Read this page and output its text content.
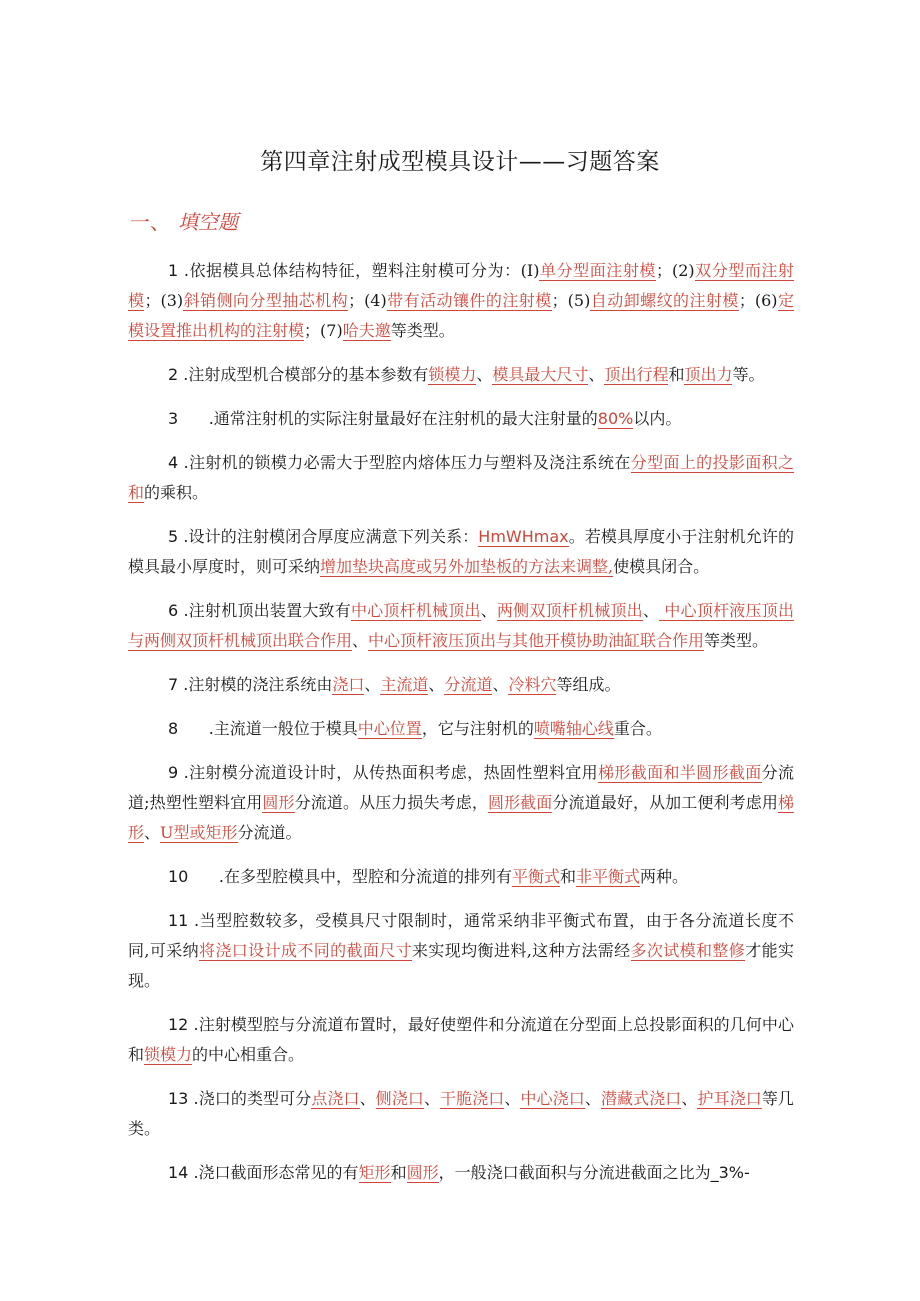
第四章注射成型模具设计——习题答案
一、 填空题

1 .依据模具总体结构特征，塑料注射模可分为：(I)单分型面注射模；(2)双分型而注射模；(3)斜销侧向分型抽芯机构；(4)带有活动镶件的注射模；(5)自动卸螺纹的注射模；(6)定模设置推出机构的注射模；(7)哈夫邀等类型。

2 .注射成型机合模部分的基本参数有锁模力、模具最大尺寸、顶出行程和顶出力等。

3      .通常注射机的实际注射量最好在注射机的最大注射量的80%以内。

4 .注射机的锁模力必需大于型腔内熔体压力与塑料及浇注系统在分型面上的投影面积之和的乘积。

5 .设计的注射模闭合厚度应满意下列关系：HmWHmax。若模具厚度小于注射机允许的模具最小厚度时，则可采纳增加垫块高度或另外加垫板的方法来调整,使模具闭合。

6 .注射机顶出装置大致有中心顶杆机械顶出、两侧双顶杆机械顶出、 中心顶杆液压顶出与两侧双顶杆机械顶出联合作用、中心顶杆液压顶出与其他开模协助油缸联合作用等类型。

7 .注射模的浇注系统由浇口、主流道、分流道、冷料穴等组成。

8      .主流道一般位于模具中心位置，它与注射机的喷嘴轴心线重合。

9 .注射模分流道设计时，从传热面积考虑，热固性塑料宜用梯形截面和半圆形截面分流道;热塑性塑料宜用圆形分流道。从压力损失考虑，圆形截面分流道最好，从加工便利考虑用梯形、U型或矩形分流道。

10      .在多型腔模具中，型腔和分流道的排列有平衡式和非平衡式两种。

11 .当型腔数较多，受模具尺寸限制时，通常采纳非平衡式布置，由于各分流道长度不同,可采纳将浇口设计成不同的截面尺寸来实现均衡进料,这种方法需经多次试模和整修才能实现。

12 .注射模型腔与分流道布置时，最好使塑件和分流道在分型面上总投影面积的几何中心和锁模力的中心相重合。

13 .浇口的类型可分点浇口、侧浇口、干脆浇口、中心浇口、潜藏式浇口、护耳浇口等几类。

14 .浇口截面形态常见的有矩形和圆形，一般浇口截面积与分流进截面之比为_3%-
